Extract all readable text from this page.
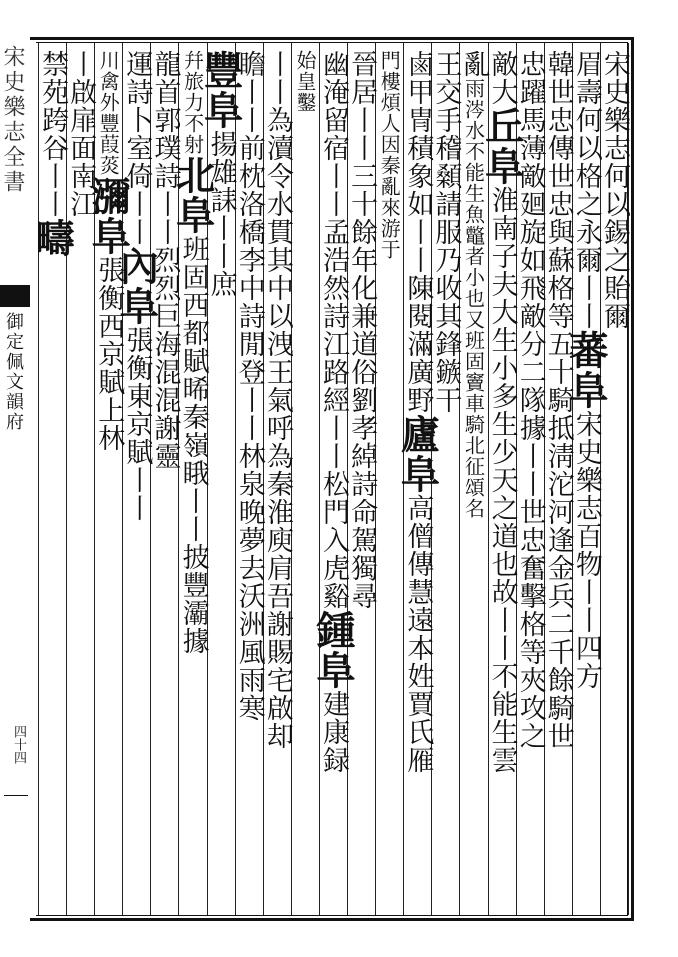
宋史樂志全書
御定佩文韻府
四十四
宋史樂志何以錫之貽爾
眉壽何以格之永爾丨丨蕃阜宋史樂志百物丨丨四方
韓世忠傳世忠與蘇格等五十騎抵淸沱河逢金兵二千餘騎世
忠躍馬薄敵廻旋如飛敵分二隊據丨丨世忠奮擊格等夾攻之
敵大丘阜淮南子夫大生小多生少天之道也故丨丨不能生雲
亂雨涔水不能生魚鼈者小也又班固竇車騎北征頌名
王交手稽顙請服乃收其鋒鏃干
鹵甲冑積象如丨丨陳閱滿廣野廬阜高僧傳慧遠本姓賈氏雁
門樓煩人因秦亂來游于
晉居丨丨三十餘年化兼道俗劉孝綽詩命駕獨尋
幽淹留宿丨丨孟浩然詩江路經丨丨松門入虎谿鍾阜建康録
始皇鑿
丨丨為瀆令水貫其中以洩王氣呼為秦淮庾肩吾謝賜宅啟却
瞻丨丨前枕洛橋李中詩閒登丨丨林泉晚夢去沃洲風雨寒
豐阜揚雄誄丨丨庶
幷旅力不射北阜班固西都賦晞秦嶺睋丨丨披豐灞據
龍首郭璞詩丨丨烈烈巨海混混謝靈
運詩卜室倚丨丨內阜張衡東京賦丨丨
川禽外豐葭菼瀰阜張衡西京賦上林
丨啟扉面南江
禁苑跨谷丨丨疇
